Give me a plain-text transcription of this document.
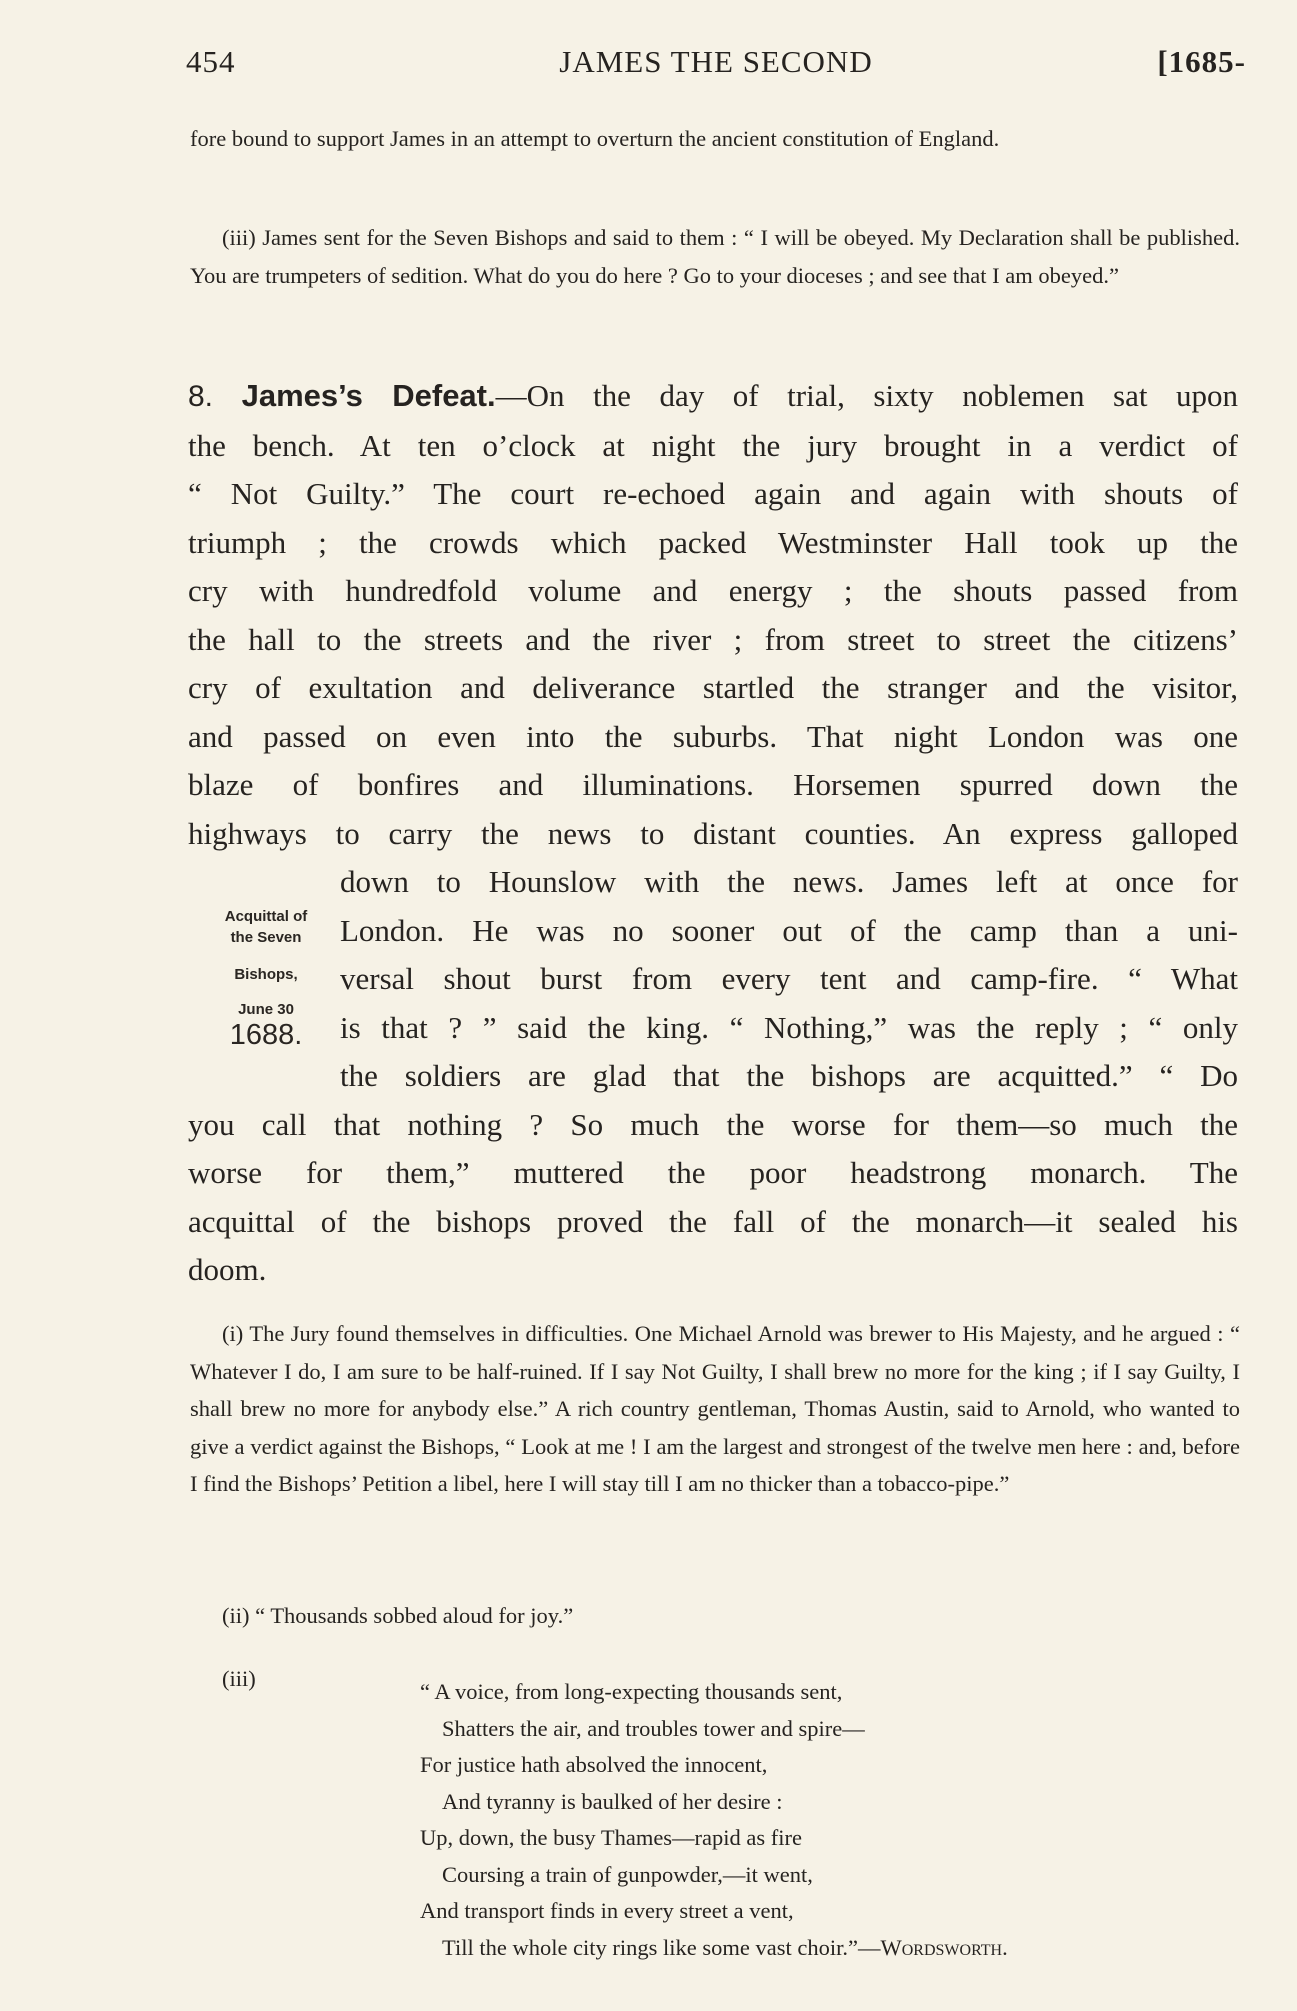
454	JAMES THE SECOND	[1685-

fore bound to support James in an attempt to overturn the ancient constitution of England.

(iii) James sent for the Seven Bishops and said to them : “ I will be obeyed. My Declaration shall be published. You are trumpeters of sedition. What do you do here ? Go to your dioceses ; and see that I am obeyed.”

8. James’s Defeat.—On the day of trial, sixty noblemen sat upon
the bench. At ten o’clock at night the jury brought in a verdict of
“ Not Guilty.” The court re-echoed again and again with shouts of
triumph ; the crowds which packed Westminster Hall took up the
cry with hundredfold volume and energy ; the shouts passed from
the hall to the streets and the river ; from street to street the citizens’
cry of exultation and deliverance startled the stranger and the visitor,
and passed on even into the suburbs. That night London was one
blaze of bonfires and illuminations. Horsemen spurred down the
highways to carry the news to distant counties. An express galloped
down to Hounslow with the news. James left at once for
London. He was no sooner out of the camp than a uni-
versal shout burst from every tent and camp-fire. “ What
is that ? ” said the king. “ Nothing,” was the reply ; “ only
the soldiers are glad that the bishops are acquitted.” “ Do
you call that nothing ? So much the worse for them—so much the
worse for them,” muttered the poor headstrong monarch. The
acquittal of the bishops proved the fall of the monarch—it sealed his
doom.
Acquittal of
the Seven
Bishops,
June 30
1688.

(i) The Jury found themselves in difficulties. One Michael Arnold was brewer to His Majesty, and he argued : “ Whatever I do, I am sure to be half-ruined. If I say Not Guilty, I shall brew no more for the king ; if I say Guilty, I shall brew no more for anybody else.” A rich country gentleman, Thomas Austin, said to Arnold, who wanted to give a verdict against the Bishops, “ Look at me ! I am the largest and strongest of the twelve men here : and, before I find the Bishops’ Petition a libel, here I will stay till I am no thicker than a tobacco-pipe.”

(ii) “ Thousands sobbed aloud for joy.”

(iii)
“ A voice, from long-expecting thousands sent,
Shatters the air, and troubles tower and spire—
For justice hath absolved the innocent,
And tyranny is baulked of her desire :
Up, down, the busy Thames—rapid as fire
Coursing a train of gunpowder,—it went,
And transport finds in every street a vent,
Till the whole city rings like some vast choir.”—Wordsworth.
